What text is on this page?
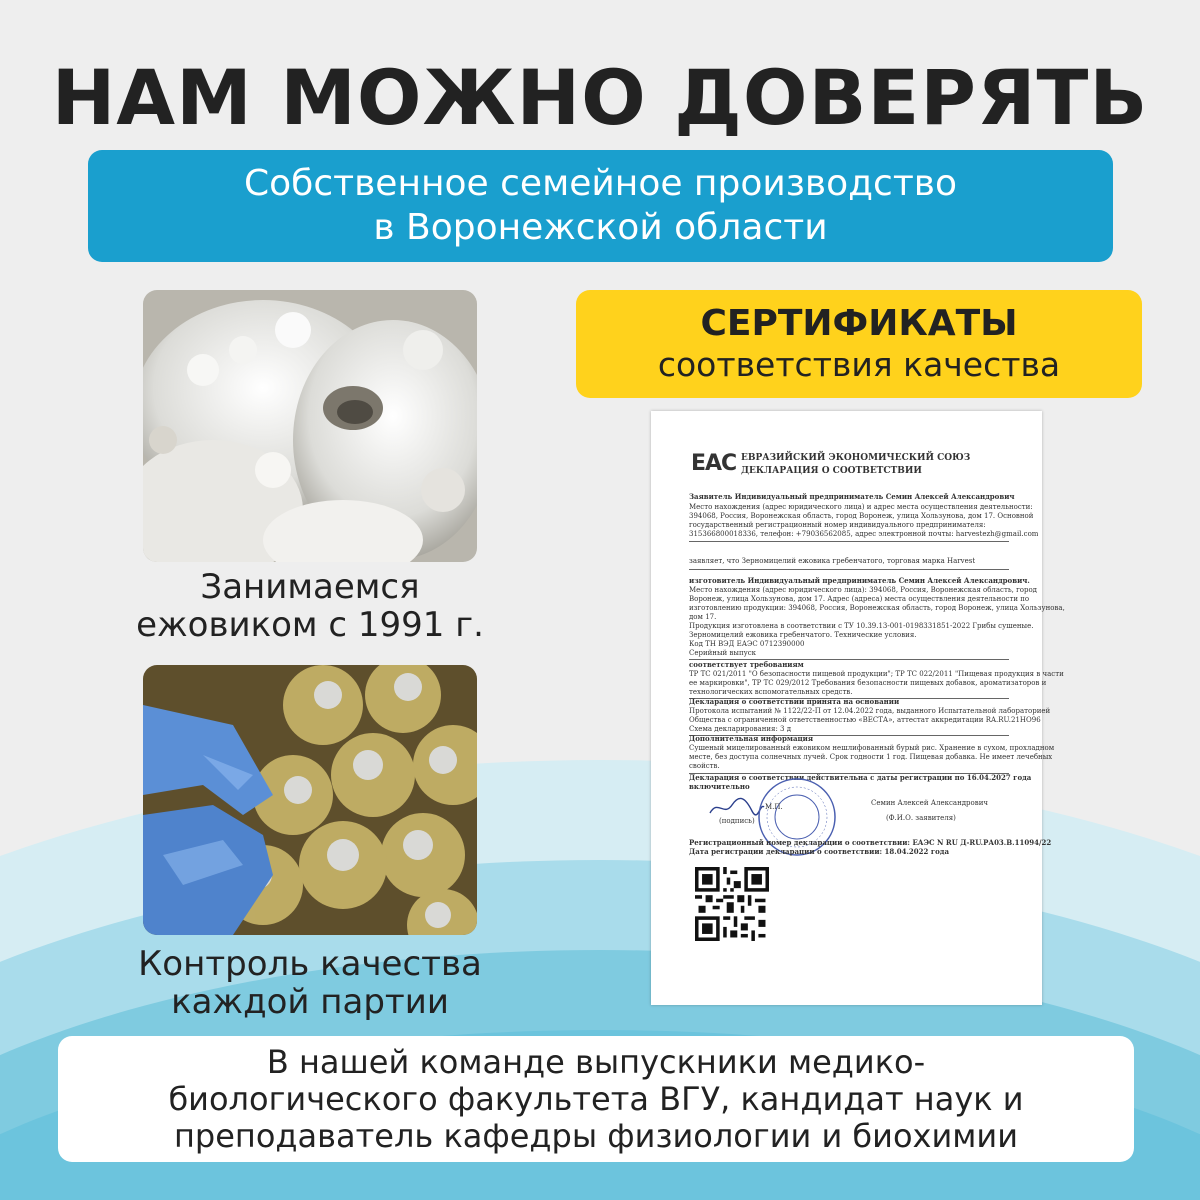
НАМ МОЖНО ДОВЕРЯТЬ
Собственное семейное производство
в Воронежской области
Занимаемся
ежовиком с 1991 г.
Контроль качества
каждой партии
СЕРТИФИКАТЫ
соответствия качества
EAC ЕВРАЗИЙСКИЙ ЭКОНОМИЧЕСКИЙ СОЮЗ
ДЕКЛАРАЦИЯ О СООТВЕТСТВИИ
Заявитель Индивидуальный предприниматель Семин Алексей Александрович
Место нахождения (адрес юридического лица) и адрес места осуществления деятельности:
394068, Россия, Воронежская область, город Воронеж, улица Хользунова, дом 17. Основной
государственный регистрационный номер индивидуального предпринимателя:
315366800018336, телефон: +79036562085, адрес электронной почты: harvestezh@gmail.com
заявляет, что Зерномицелий ежовика гребенчатого, торговая марка Harvest
изготовитель Индивидуальный предприниматель Семин Алексей Александрович.
Место нахождения (адрес юридического лица): 394068, Россия, Воронежская область, город
Воронеж, улица Хользунова, дом 17. Адрес (адреса) места осуществления деятельности по
изготовлению продукции: 394068, Россия, Воронежская область, город Воронеж, улица Хользунова,
дом 17.
Продукция изготовлена в соответствии с ТУ 10.39.13-001-0198331851-2022 Грибы сушеные.
Зерномицелий ежовика гребенчатого. Технические условия.
Код ТН ВЭД ЕАЭС 0712390000
Серийный выпуск
соответствует требованиям
ТР ТС 021/2011 "О безопасности пищевой продукции"; ТР ТС 022/2011 "Пищевая продукция в части
ее маркировки", ТР ТС 029/2012 Требования безопасности пищевых добавок, ароматизаторов и
технологических вспомогательных средств.
Декларация о соответствии принята на основании
Протокола испытаний № 1122/22-П от 12.04.2022 года, выданного Испытательной лабораторией
Общества с ограниченной ответственностью «ВЕСТА», аттестат аккредитации RA.RU.21НО96
Схема декларирования: 3 д
Дополнительная информация
Сушеный мицелированный ежовиком нешлифованный бурый рис. Хранение в сухом, прохладном
месте, без доступа солнечных лучей. Срок годности 1 год. Пищевая добавка. Не имеет лечебных
свойств.
Декларация о соответствии действительна с даты регистрации по 16.04.2027 года
включительно
М.П.	Семин Алексей Александрович
(подпись)	(Ф.И.О. заявителя)
Регистрационный номер декларации о соответствии: ЕАЭС N RU Д-RU.РА03.В.11094/22
Дата регистрации декларации о соответствии: 18.04.2022 года
В нашей команде выпускники медико-
биологического факультета ВГУ, кандидат наук и
преподаватель кафедры физиологии и биохимии
